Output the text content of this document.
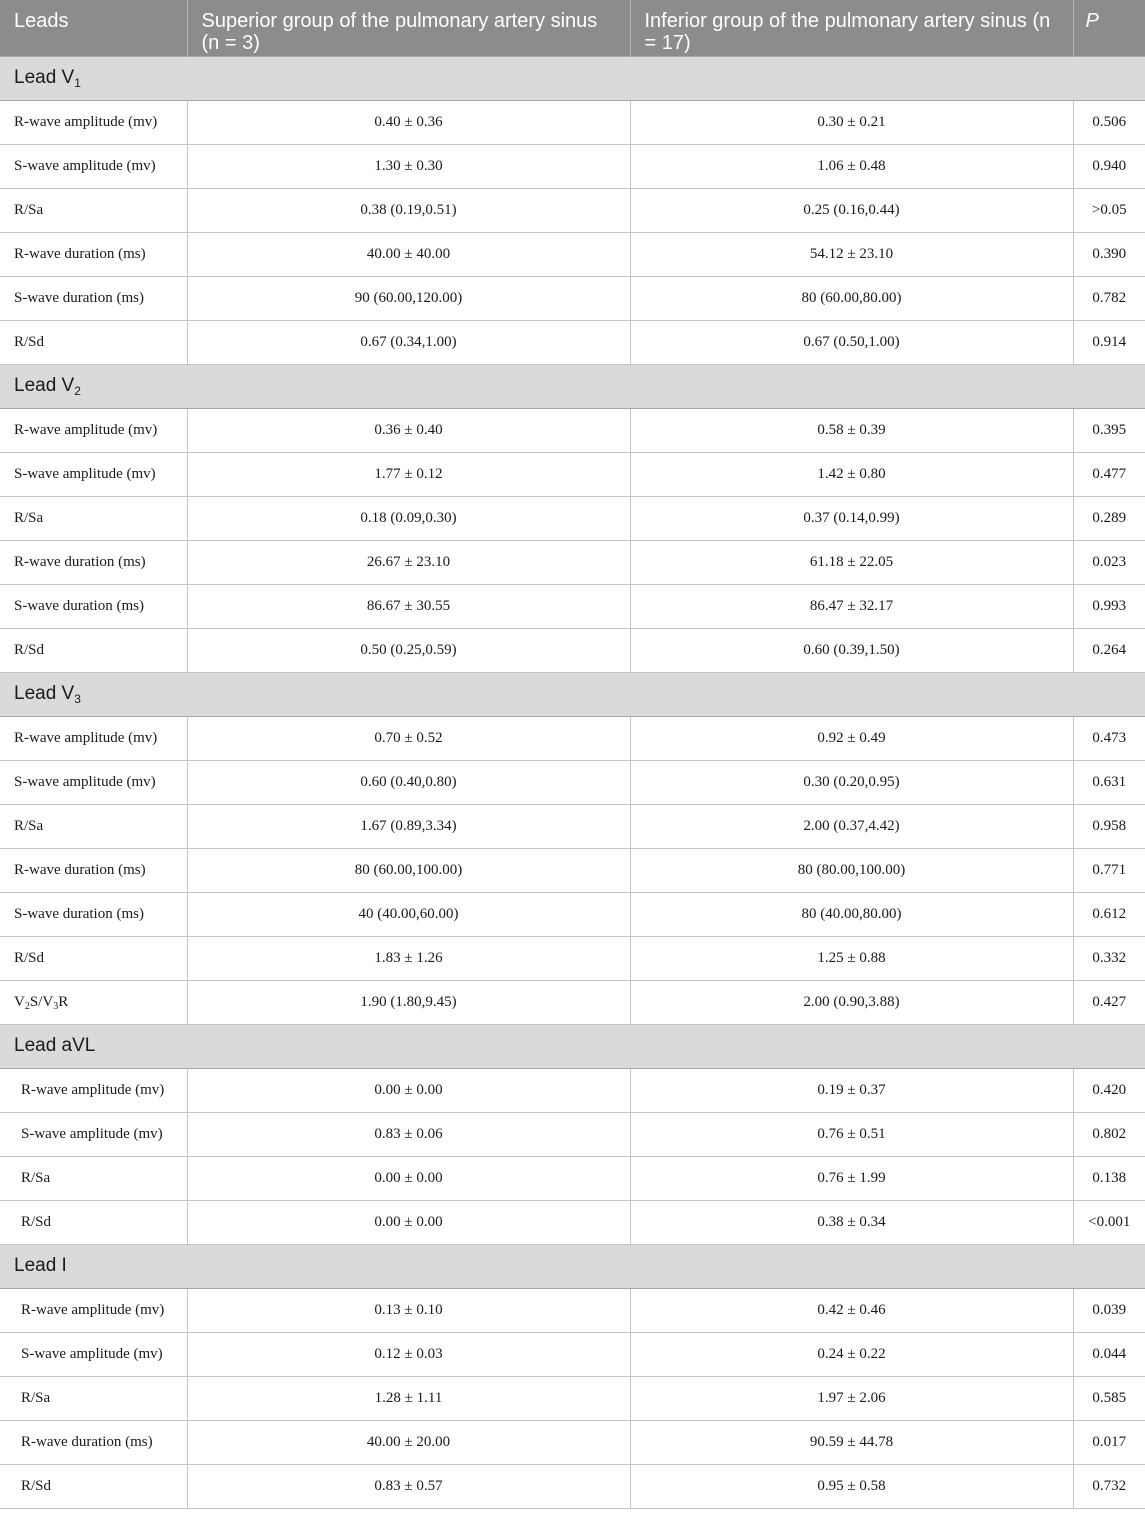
Leads	Superior group of the pulmonary artery sinus (n = 3)	Inferior group of the pulmonary artery sinus (n = 17)	P
Lead $V_1$
R-wave amplitude (mv)	0.40 ± 0.36	0.30 ± 0.21	0.506
S-wave amplitude (mv)	1.30 ± 0.30	1.06 ± 0.48	0.940
R/Sa	0.38 (0.19,0.51)	0.25 (0.16,0.44)	>0.05
R-wave duration (ms)	40.00 ± 40.00	54.12 ± 23.10	0.390
S-wave duration (ms)	90 (60.00,120.00)	80 (60.00,80.00)	0.782
R/Sd	0.67 (0.34,1.00)	0.67 (0.50,1.00)	0.914
Lead $V_2$
R-wave amplitude (mv)	0.36 ± 0.40	0.58 ± 0.39	0.395
S-wave amplitude (mv)	1.77 ± 0.12	1.42 ± 0.80	0.477
R/Sa	0.18 (0.09,0.30)	0.37 (0.14,0.99)	0.289
R-wave duration (ms)	26.67 ± 23.10	61.18 ± 22.05	0.023
S-wave duration (ms)	86.67 ± 30.55	86.47 ± 32.17	0.993
R/Sd	0.50 (0.25,0.59)	0.60 (0.39,1.50)	0.264
Lead $V_3$
R-wave amplitude (mv)	0.70 ± 0.52	0.92 ± 0.49	0.473
S-wave amplitude (mv)	0.60 (0.40,0.80)	0.30 (0.20,0.95)	0.631
R/Sa	1.67 (0.89,3.34)	2.00 (0.37,4.42)	0.958
R-wave duration (ms)	80 (60.00,100.00)	80 (80.00,100.00)	0.771
S-wave duration (ms)	40 (40.00,60.00)	80 (40.00,80.00)	0.612
R/Sd	1.83 ± 1.26	1.25 ± 0.88	0.332
$V_2S/V_3R$	1.90 (1.80,9.45)	2.00 (0.90,3.88)	0.427
Lead aVL			
R-wave amplitude (mv)	0.00 ± 0.00	0.19 ± 0.37	0.420
S-wave amplitude (mv)	0.83 ± 0.06	0.76 ± 0.51	0.802
R/Sa	0.00 ± 0.00	0.76 ± 1.99	0.138
R/Sd	0.00 ± 0.00	0.38 ± 0.34	<0.001
Lead I			
R-wave amplitude (mv)	0.13 ± 0.10	0.42 ± 0.46	0.039
S-wave amplitude (mv)	0.12 ± 0.03	0.24 ± 0.22	0.044
R/Sa	1.28 ± 1.11	1.97 ± 2.06	0.585
R-wave duration (ms)	40.00 ± 20.00	90.59 ± 44.78	0.017
R/Sd	0.83 ± 0.57	0.95 ± 0.58	0.732
